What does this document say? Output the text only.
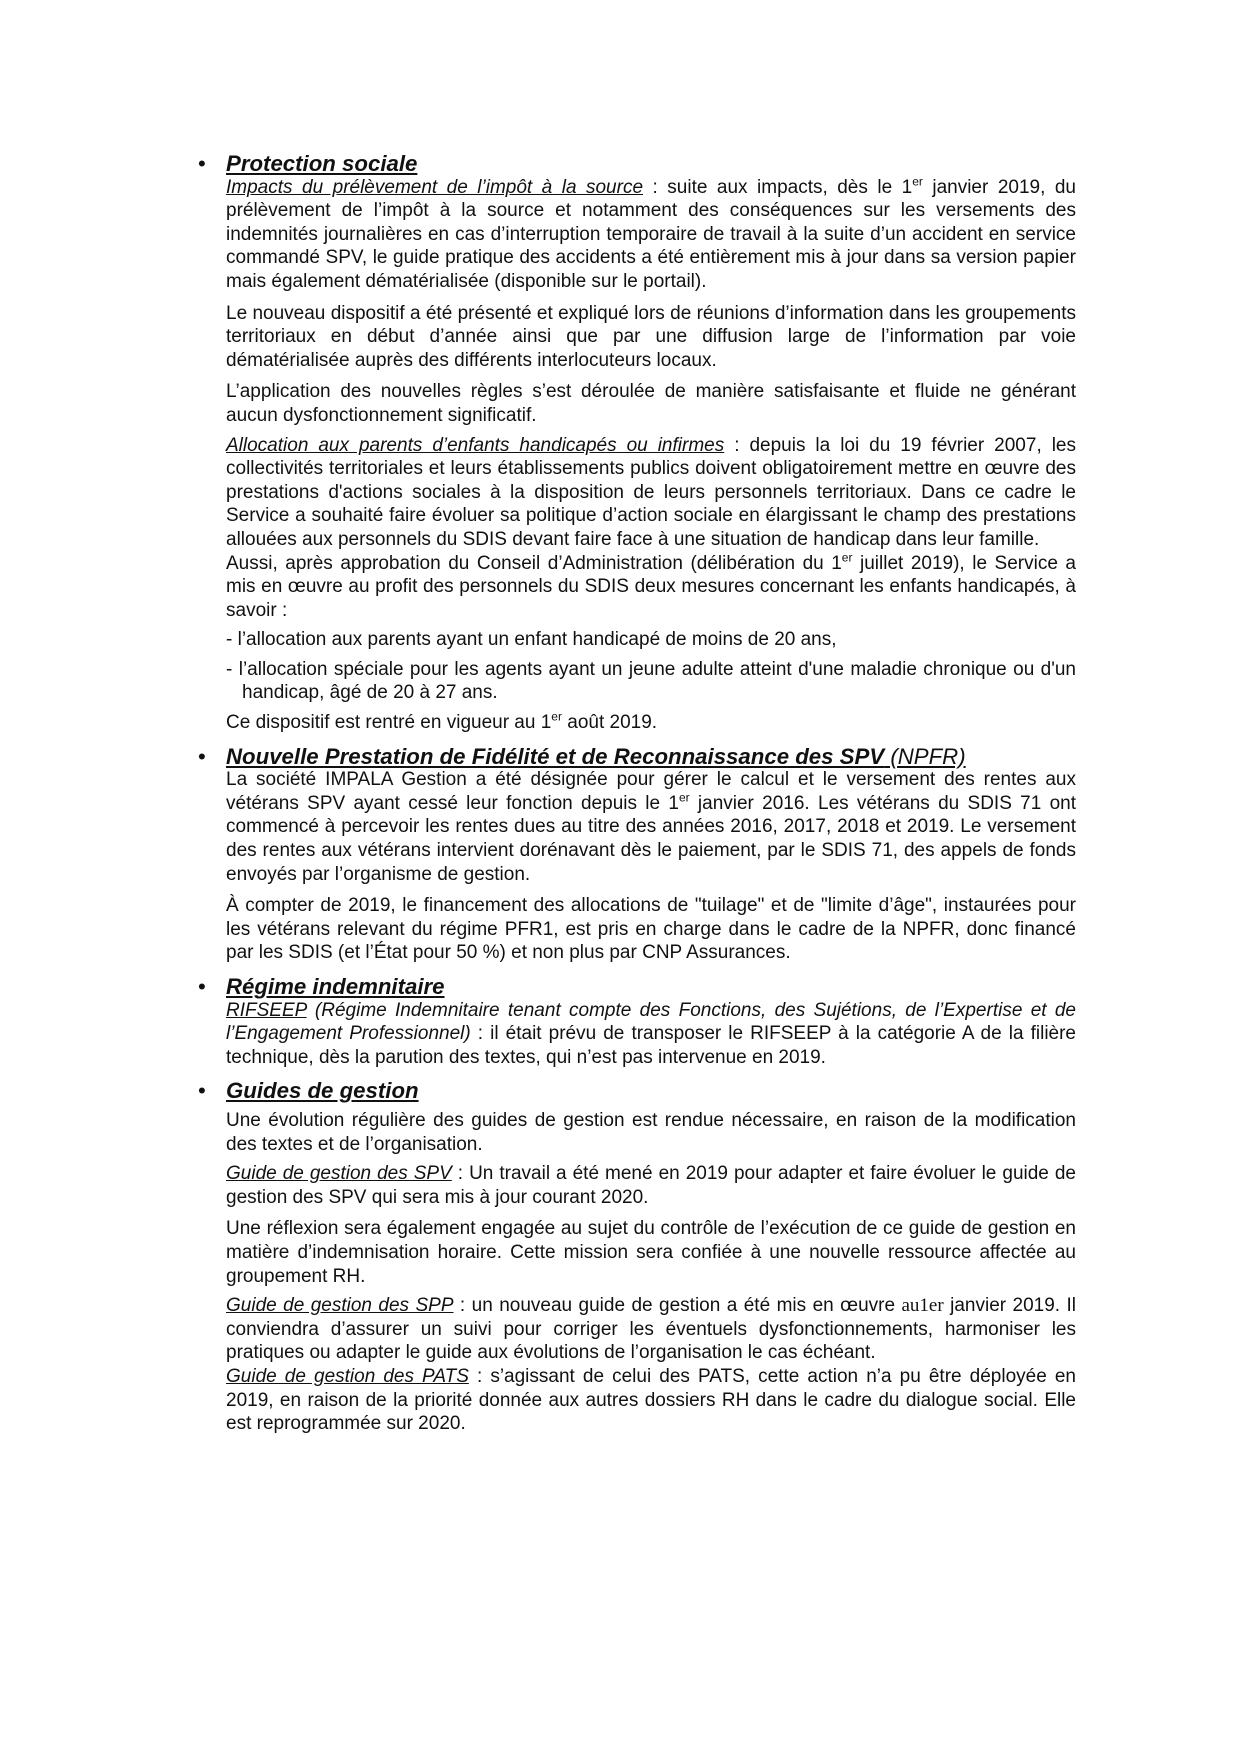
• Protection sociale

Impacts du prélèvement de l’impôt à la source : suite aux impacts, dès le 1er janvier 2019, du prélèvement de l’impôt à la source et notamment des conséquences sur les versements des indemnités journalières en cas d’interruption temporaire de travail à la suite d’un accident en service commandé SPV, le guide pratique des accidents a été entièrement mis à jour dans sa version papier mais également dématérialisée (disponible sur le portail).

Le nouveau dispositif a été présenté et expliqué lors de réunions d’information dans les groupements territoriaux en début d’année ainsi que par une diffusion large de l’information par voie dématérialisée auprès des différents interlocuteurs locaux.

L’application des nouvelles règles s’est déroulée de manière satisfaisante et fluide ne générant aucun dysfonctionnement significatif.

Allocation aux parents d’enfants handicapés ou infirmes : depuis la loi du 19 février 2007, les collectivités territoriales et leurs établissements publics doivent obligatoirement mettre en œuvre des prestations d'actions sociales à la disposition de leurs personnels territoriaux. Dans ce cadre le Service a souhaité faire évoluer sa politique d’action sociale en élargissant le champ des prestations allouées aux personnels du SDIS devant faire face à une situation de handicap dans leur famille.

Aussi, après approbation du Conseil d’Administration (délibération du 1er juillet 2019), le Service a mis en œuvre au profit des personnels du SDIS deux mesures concernant les enfants handicapés, à savoir :

- l’allocation aux parents ayant un enfant handicapé de moins de 20 ans,

- l’allocation spéciale pour les agents ayant un jeune adulte atteint d'une maladie chronique ou d'un handicap, âgé de 20 à 27 ans.

Ce dispositif est rentré en vigueur au 1er août 2019.

• Nouvelle Prestation de Fidélité et de Reconnaissance des SPV (NPFR)

La société IMPALA Gestion a été désignée pour gérer le calcul et le versement des rentes aux vétérans SPV ayant cessé leur fonction depuis le 1er janvier 2016. Les vétérans du SDIS 71 ont commencé à percevoir les rentes dues au titre des années 2016, 2017, 2018 et 2019. Le versement des rentes aux vétérans intervient dorénavant dès le paiement, par le SDIS 71, des appels de fonds envoyés par l’organisme de gestion.

À compter de 2019, le financement des allocations de "tuilage" et de "limite d’âge", instaurées pour les vétérans relevant du régime PFR1, est pris en charge dans le cadre de la NPFR, donc financé par les SDIS (et l’État pour 50 %) et non plus par CNP Assurances.

• Régime indemnitaire

RIFSEEP (Régime Indemnitaire tenant compte des Fonctions, des Sujétions, de l’Expertise et de l’Engagement Professionnel) : il était prévu de transposer le RIFSEEP à la catégorie A de la filière technique, dès la parution des textes, qui n’est pas intervenue en 2019.

• Guides de gestion

Une évolution régulière des guides de gestion est rendue nécessaire, en raison de la modification des textes et de l’organisation.

Guide de gestion des SPV : Un travail a été mené en 2019 pour adapter et faire évoluer le guide de gestion des SPV qui sera mis à jour courant 2020.

Une réflexion sera également engagée au sujet du contrôle de l’exécution de ce guide de gestion en matière d’indemnisation horaire. Cette mission sera confiée à une nouvelle ressource affectée au groupement RH.

Guide de gestion des SPP : un nouveau guide de gestion a été mis en œuvre au1er janvier 2019. Il conviendra d’assurer un suivi pour corriger les éventuels dysfonctionnements, harmoniser les pratiques ou adapter le guide aux évolutions de l’organisation le cas échéant.

Guide de gestion des PATS : s’agissant de celui des PATS, cette action n’a pu être déployée en 2019, en raison de la priorité donnée aux autres dossiers RH dans le cadre du dialogue social. Elle est reprogrammée sur 2020.
